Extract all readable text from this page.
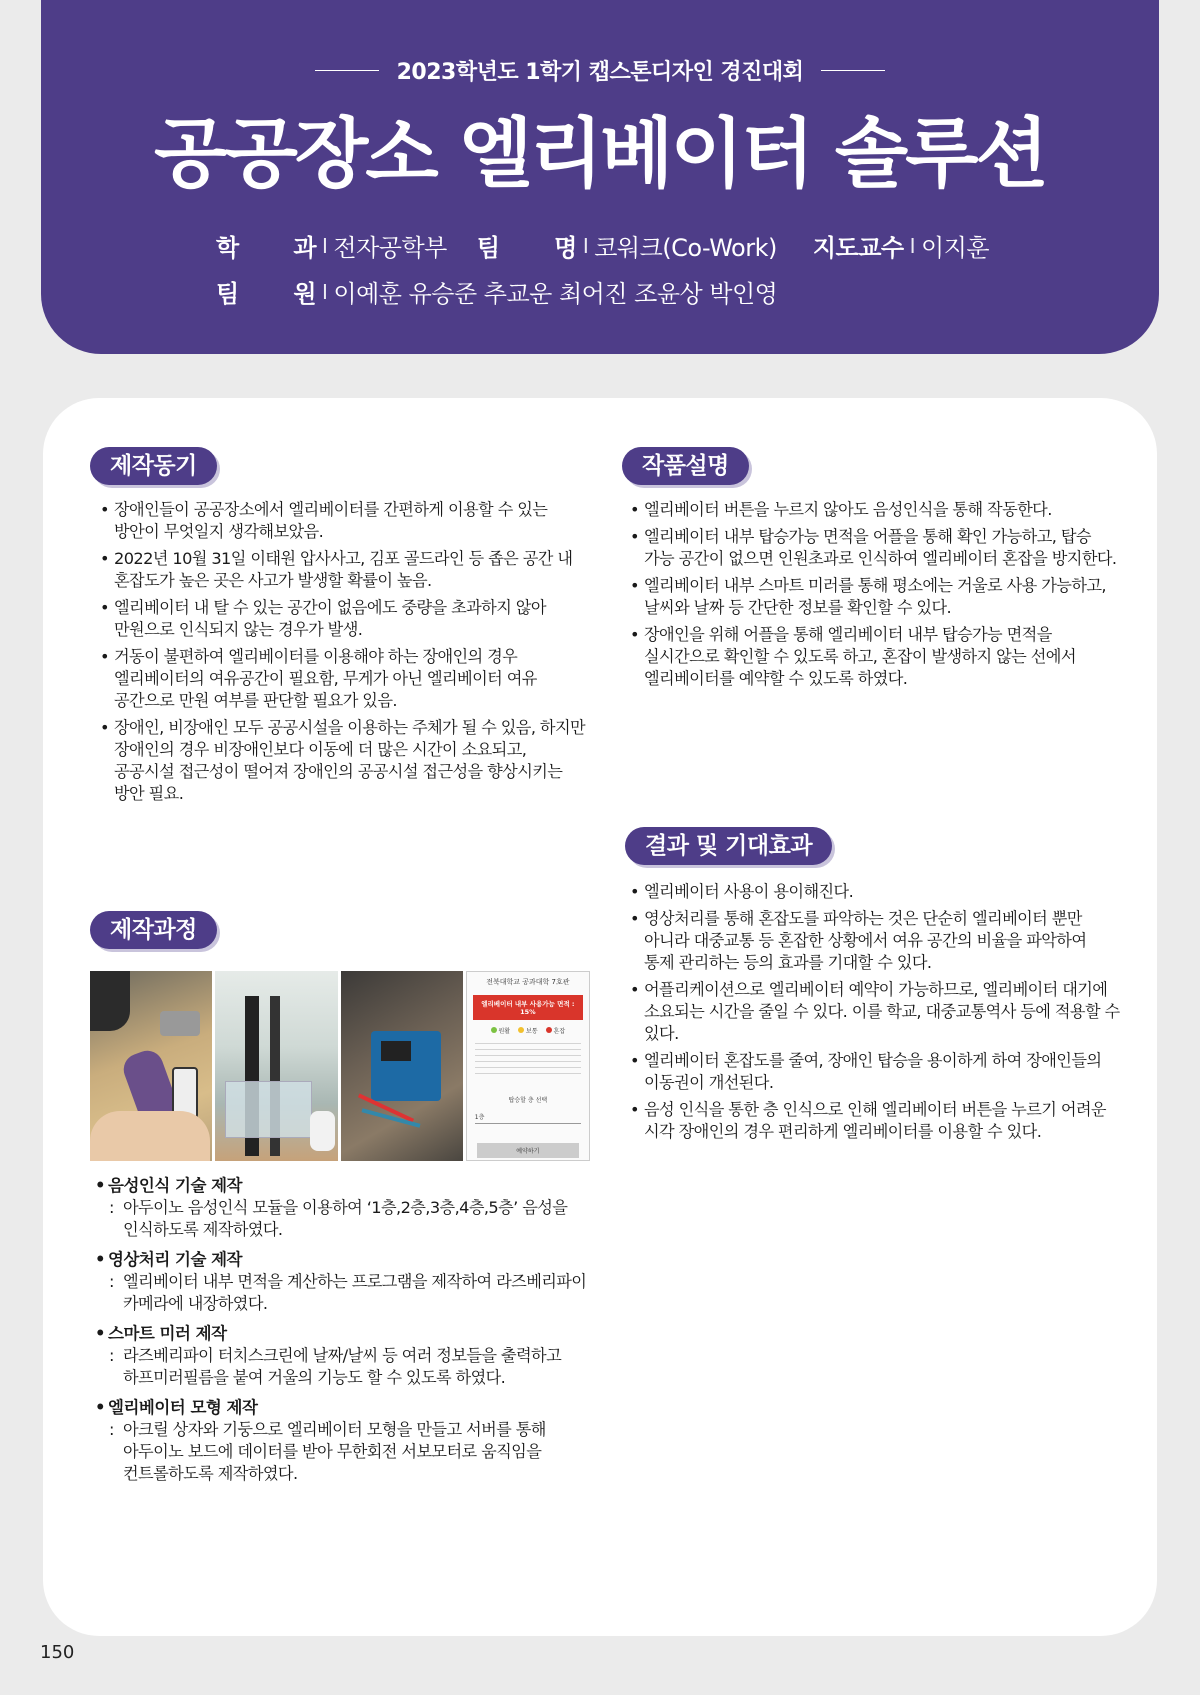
2023학년도 1학기 캡스톤디자인 경진대회
공공장소 엘리베이터 솔루션
학 과 I 전자공학부 팀 명 I 코워크(Co-Work) 지도교수 I 이지훈
팀 원 I 이예훈 유승준 추교운 최어진 조윤상 박인영
제작동기
• 장애인들이 공공장소에서 엘리베이터를 간편하게 이용할 수 있는 방안이 무엇일지 생각해보았음.
• 2022년 10월 31일 이태원 압사사고, 김포 골드라인 등 좁은 공간 내 혼잡도가 높은 곳은 사고가 발생할 확률이 높음.
• 엘리베이터 내 탈 수 있는 공간이 없음에도 중량을 초과하지 않아 만원으로 인식되지 않는 경우가 발생.
• 거동이 불편하여 엘리베이터를 이용해야 하는 장애인의 경우 엘리베이터의 여유공간이 필요함, 무게가 아닌 엘리베이터 여유 공간으로 만원 여부를 판단할 필요가 있음.
• 장애인, 비장애인 모두 공공시설을 이용하는 주체가 될 수 있음, 하지만 장애인의 경우 비장애인보다 이동에 더 많은 시간이 소요되고, 공공시설 접근성이 떨어져 장애인의 공공시설 접근성을 향상시키는 방안 필요.
제작과정
전북대학교 공과대학 7호관
엘리베이터 내부 사용가능 면적 : 15%
원활	보통	혼잡
탑승할 층 선택
1층
예약하기
• 음성인식 기술 제작
: 아두이노 음성인식 모듈을 이용하여 ‘1층,2층,3층,4층,5층’ 음성을 인식하도록 제작하였다.
• 영상처리 기술 제작
: 엘리베이터 내부 면적을 계산하는 프로그램을 제작하여 라즈베리파이 카메라에 내장하였다.
• 스마트 미러 제작
: 라즈베리파이 터치스크린에 날짜/날씨 등 여러 정보들을 출력하고 하프미러필름을 붙여 거울의 기능도 할 수 있도록 하였다.
• 엘리베이터 모형 제작
: 아크릴 상자와 기둥으로 엘리베이터 모형을 만들고 서버를 통해 아두이노 보드에 데이터를 받아 무한회전 서보모터로 움직임을 컨트롤하도록 제작하였다.
작품설명
• 엘리베이터 버튼을 누르지 않아도 음성인식을 통해 작동한다.
• 엘리베이터 내부 탑승가능 면적을 어플을 통해 확인 가능하고, 탑승 가능 공간이 없으면 인원초과로 인식하여 엘리베이터 혼잡을 방지한다.
• 엘리베이터 내부 스마트 미러를 통해 평소에는 거울로 사용 가능하고, 날씨와 날짜 등 간단한 정보를 확인할 수 있다.
• 장애인을 위해 어플을 통해 엘리베이터 내부 탑승가능 면적을 실시간으로 확인할 수 있도록 하고, 혼잡이 발생하지 않는 선에서 엘리베이터를 예약할 수 있도록 하였다.
결과 및 기대효과
• 엘리베이터 사용이 용이해진다.
• 영상처리를 통해 혼잡도를 파악하는 것은 단순히 엘리베이터 뿐만 아니라 대중교통 등 혼잡한 상황에서 여유 공간의 비율을 파악하여 통제 관리하는 등의 효과를 기대할 수 있다.
• 어플리케이션으로 엘리베이터 예약이 가능하므로, 엘리베이터 대기에 소요되는 시간을 줄일 수 있다. 이를 학교, 대중교통역사 등에 적용할 수 있다.
• 엘리베이터 혼잡도를 줄여, 장애인 탑승을 용이하게 하여 장애인들의 이동권이 개선된다.
• 음성 인식을 통한 층 인식으로 인해 엘리베이터 버튼을 누르기 어려운 시각 장애인의 경우 편리하게 엘리베이터를 이용할 수 있다.
150
